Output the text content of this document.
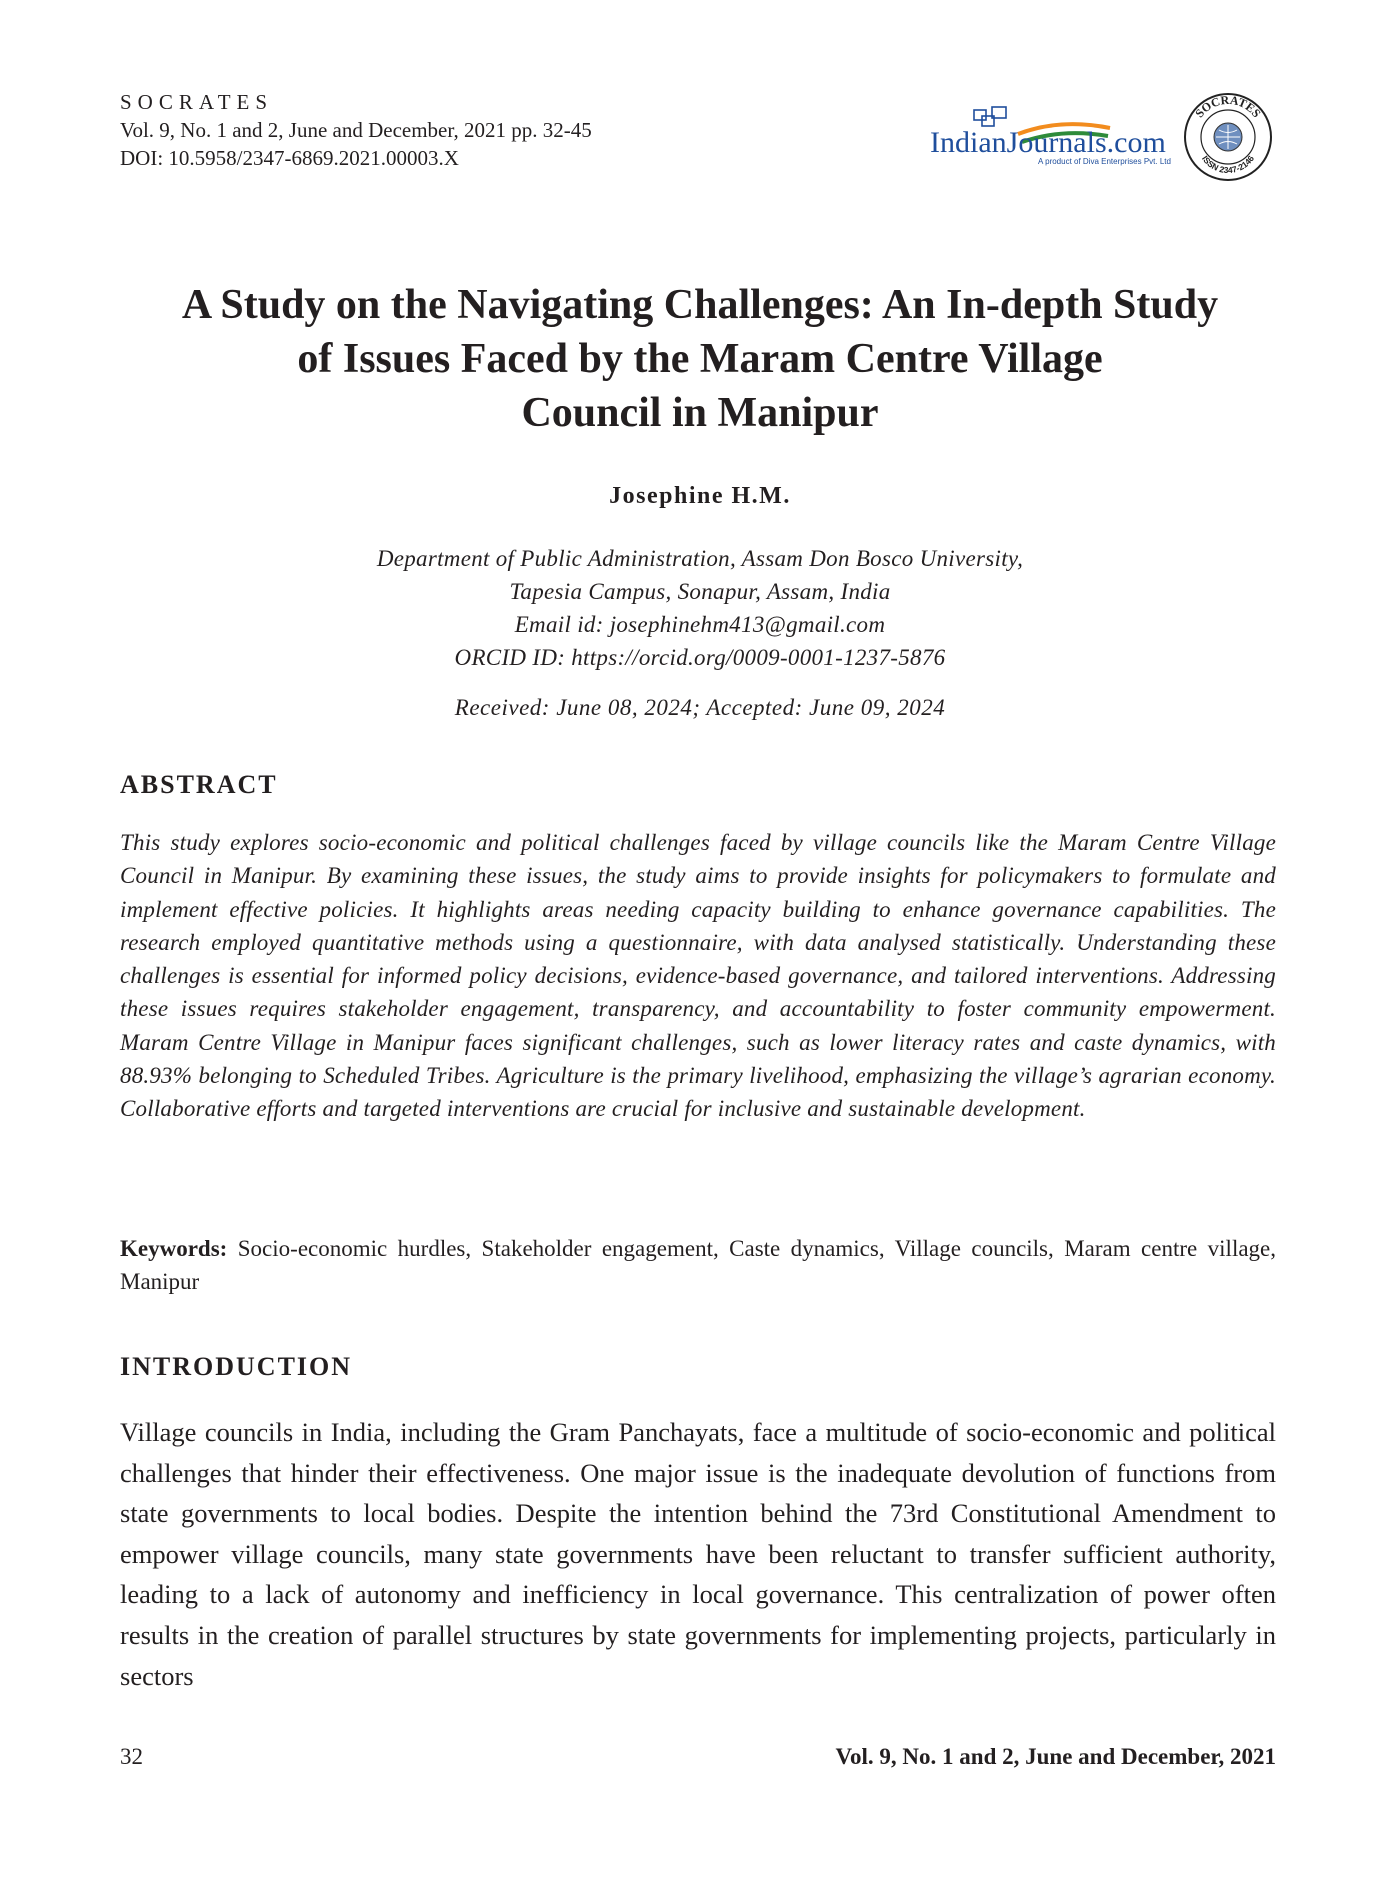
SOCRATES
Vol. 9, No. 1 and 2, June and December, 2021 pp. 32-45
DOI: 10.5958/2347-6869.2021.00003.X	IndianJournals.com
A product of Diva Enterprises Pvt. Ltd
SOCRATES
ISSN 2347-2146
A Study on the Navigating Challenges: An In-depth Study
of Issues Faced by the Maram Centre Village
Council in Manipur
Josephine H.M.
Department of Public Administration, Assam Don Bosco University,
Tapesia Campus, Sonapur, Assam, India
Email id: josephinehm413@gmail.com
ORCID ID: https://orcid.org/0009-0001-1237-5876
Received: June 08, 2024; Accepted: June 09, 2024
ABSTRACT

This study explores socio-economic and political challenges faced by village councils like the Maram Centre Village Council in Manipur. By examining these issues, the study aims to provide insights for policymakers to formulate and implement effective policies. It highlights areas needing capacity building to enhance governance capabilities. The research employed quantitative methods using a questionnaire, with data analysed statistically. Understanding these challenges is essential for informed policy decisions, evidence-based governance, and tailored interventions. Addressing these issues requires stakeholder engagement, transparency, and accountability to foster community empowerment. Maram Centre Village in Manipur faces significant challenges, such as lower literacy rates and caste dynamics, with 88.93% belonging to Scheduled Tribes. Agriculture is the primary livelihood, emphasizing the village’s agrarian economy. Collaborative efforts and targeted interventions are crucial for inclusive and sustainable development.

Keywords: Socio-economic hurdles, Stakeholder engagement, Caste dynamics, Village councils, Maram centre village, Manipur

INTRODUCTION

Village councils in India, including the Gram Panchayats, face a multitude of socio-economic and political challenges that hinder their effectiveness. One major issue is the inadequate devolution of functions from state governments to local bodies. Despite the intention behind the 73rd Constitutional Amendment to empower village councils, many state governments have been reluctant to transfer sufficient authority, leading to a lack of autonomy and inefficiency in local governance. This centralization of power often results in the creation of parallel structures by state governments for implementing projects, particularly in sectors

32	Vol. 9, No. 1 and 2, June and December, 2021
